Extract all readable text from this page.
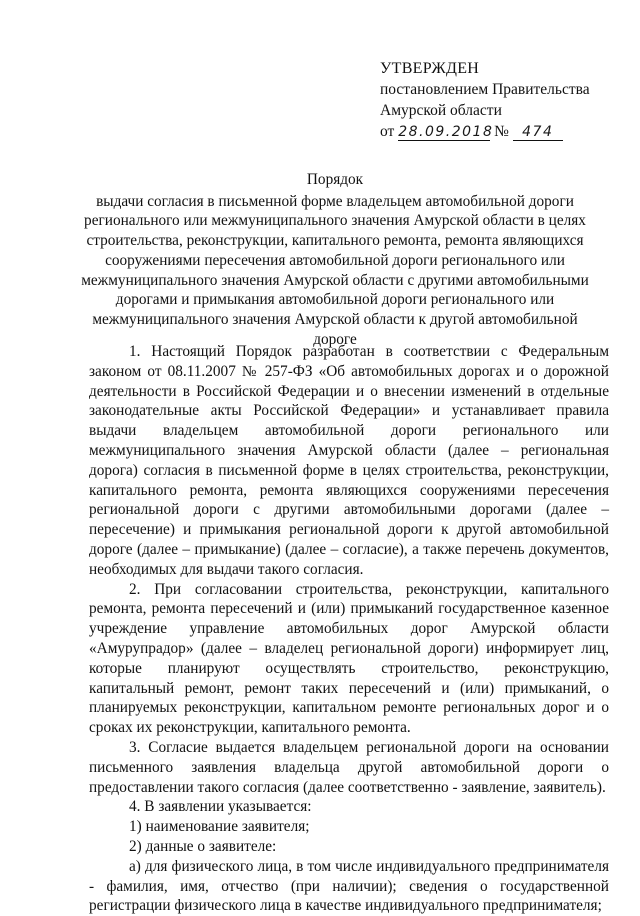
УТВЕРЖДЕН
постановлением Правительства
Амурской области
от 28.09.2018 № 474
Порядок
выдачи согласия в письменной форме владельцем автомобильной дороги регионального или межмуниципального значения Амурской области в целях строительства, реконструкции, капитального ремонта, ремонта являющихся сооружениями пересечения автомобильной дороги регионального или межмуниципального значения Амурской области с другими автомобильными дорогами и примыкания автомобильной дороги регионального или межмуниципального значения Амурской области к другой автомобильной дороге

1. Настоящий Порядок разработан в соответствии с Федеральным законом от 08.11.2007 № 257-ФЗ «Об автомобильных дорогах и о дорожной деятельности в Российской Федерации и о внесении изменений в отдельные законодательные акты Российской Федерации» и устанавливает правила выдачи владельцем автомобильной дороги регионального или межмуниципального значения Амурской области (далее – региональная дорога) согласия в письменной форме в целях строительства, реконструкции, капитального ремонта, ремонта являющихся сооружениями пересечения региональной дороги с другими автомобильными дорогами (далее – пересечение) и примыкания региональной дороги к другой автомобильной дороге (далее – примыкание) (далее – согласие), а также перечень документов, необходимых для выдачи такого согласия.

2. При согласовании строительства, реконструкции, капитального ремонта, ремонта пересечений и (или) примыканий государственное казенное учреждение управление автомобильных дорог Амурской области «Амурупрадор» (далее – владелец региональной дороги) информирует лиц, которые планируют осуществлять строительство, реконструкцию, капитальный ремонт, ремонт таких пересечений и (или) примыканий, о планируемых реконструкции, капитальном ремонте региональных дорог и о сроках их реконструкции, капитального ремонта.

3. Согласие выдается владельцем региональной дороги на основании письменного заявления владельца другой автомобильной дороги о предоставлении такого согласия (далее соответственно - заявление, заявитель).

4. В заявлении указывается:

1) наименование заявителя;

2) данные о заявителе:

а) для физического лица, в том числе индивидуального предпринимателя - фамилия, имя, отчество (при наличии); сведения о государственной регистрации физического лица в качестве индивидуального предпринимателя;
